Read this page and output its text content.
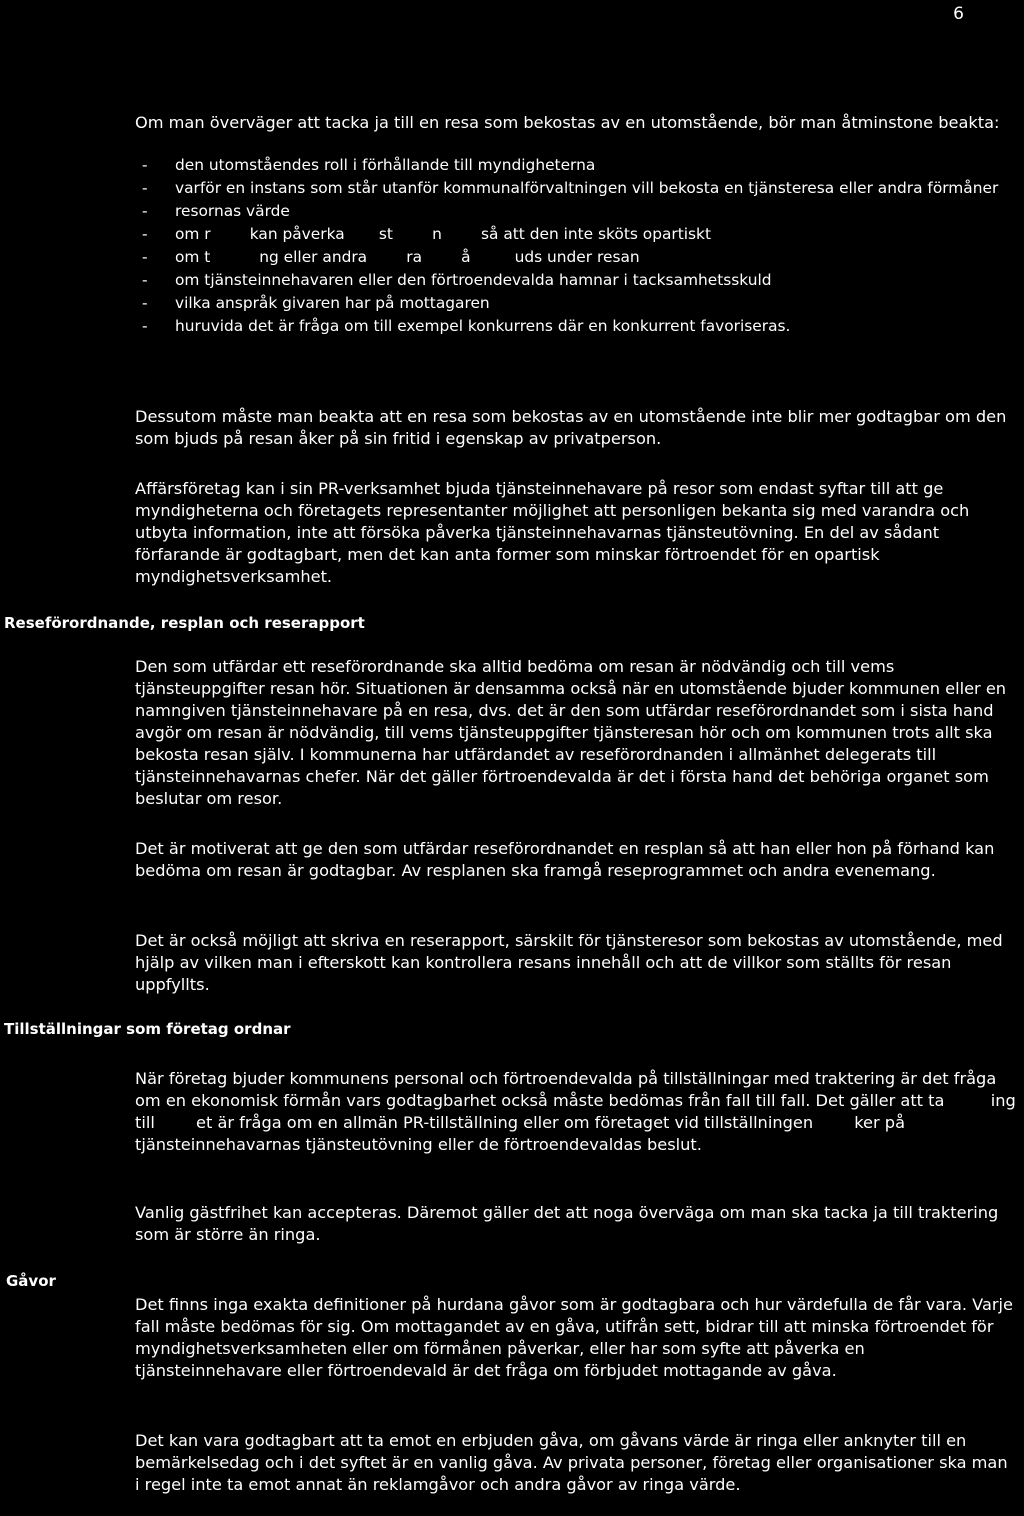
6

Om man överväger att tacka ja till en resa som bekostas av en utomstående, bör man åtminstone beakta:

- den utomståendes roll i förhållande till myndigheterna
- varför en instans som står utanför kommunalförvaltningen vill bekosta en tjänsteresa eller andra förmåner
- resornas värde
- om r        kan påverka       st        n        så att den inte sköts opartiskt
- om t          ng eller andra        ra        å         uds under resan
- om tjänsteinnehavaren eller den förtroendevalda hamnar i tacksamhetsskuld
- vilka anspråk givaren har på mottagaren
- huruvida det är fråga om till exempel konkurrens där en konkurrent favoriseras.

Dessutom måste man beakta att en resa som bekostas av en utomstående inte blir mer godtagbar om den som bjuds på resan åker på sin fritid i egenskap av privatperson.

Affärsföretag kan i sin PR-verksamhet bjuda tjänsteinnehavare på resor som endast syftar till att ge myndigheterna och företagets representanter möjlighet att personligen bekanta sig med varandra och utbyta information, inte att försöka påverka tjänsteinnehavarnas tjänsteutövning. En del av sådant förfarande är godtagbart, men det kan anta former som minskar förtroendet för en opartisk myndighetsverksamhet.

Reseförordnande, resplan och reserapport

Den som utfärdar ett reseförordnande ska alltid bedöma om resan är nödvändig och till vems tjänsteuppgifter resan hör. Situationen är densamma också när en utomstående bjuder kommunen eller en namngiven tjänsteinnehavare på en resa, dvs. det är den som utfärdar reseförordnandet som i sista hand avgör om resan är nödvändig, till vems tjänsteuppgifter tjänsteresan hör och om kommunen trots allt ska bekosta resan själv. I kommunerna har utfärdandet av reseförordnanden i allmänhet delegerats till tjänsteinnehavarnas chefer. När det gäller förtroendevalda är det i första hand det behöriga organet som beslutar om resor.

Det är motiverat att ge den som utfärdar reseförordnandet en resplan så att han eller hon på förhand kan bedöma om resan är godtagbar. Av resplanen ska framgå reseprogrammet och andra evenemang.

Det är också möjligt att skriva en reserapport, särskilt för tjänsteresor som bekostas av utomstående, med hjälp av vilken man i efterskott kan kontrollera resans innehåll och att de villkor som ställts för resan uppfyllts.

Tillställningar som företag ordnar

När företag bjuder kommunens personal och förtroendevalda på tillställningar med traktering är det fråga om en ekonomisk förmån vars godtagbarhet också måste bedömas från fall till fall. Det gäller att ta         ing till        et är fråga om en allmän PR-tillställning eller om företaget vid tillställningen        ker på        tjänsteinnehavarnas tjänsteutövning eller de förtroendevaldas beslut.

Vanlig gästfrihet kan accepteras. Däremot gäller det att noga överväga om man ska tacka ja till traktering som är större än ringa.

Gåvor

Det finns inga exakta definitioner på hurdana gåvor som är godtagbara och hur värdefulla de får vara. Varje fall måste bedömas för sig. Om mottagandet av en gåva, utifrån sett, bidrar till att minska förtroendet för myndighetsverksamheten eller om förmånen påverkar, eller har som syfte att påverka en tjänsteinnehavare eller förtroendevald är det fråga om förbjudet mottagande av gåva.

Det kan vara godtagbart att ta emot en erbjuden gåva, om gåvans värde är ringa eller anknyter till en bemärkelsedag och i det syftet är en vanlig gåva. Av privata personer, företag eller organisationer ska man i regel inte ta emot annat än reklamgåvor och andra gåvor av ringa värde.
